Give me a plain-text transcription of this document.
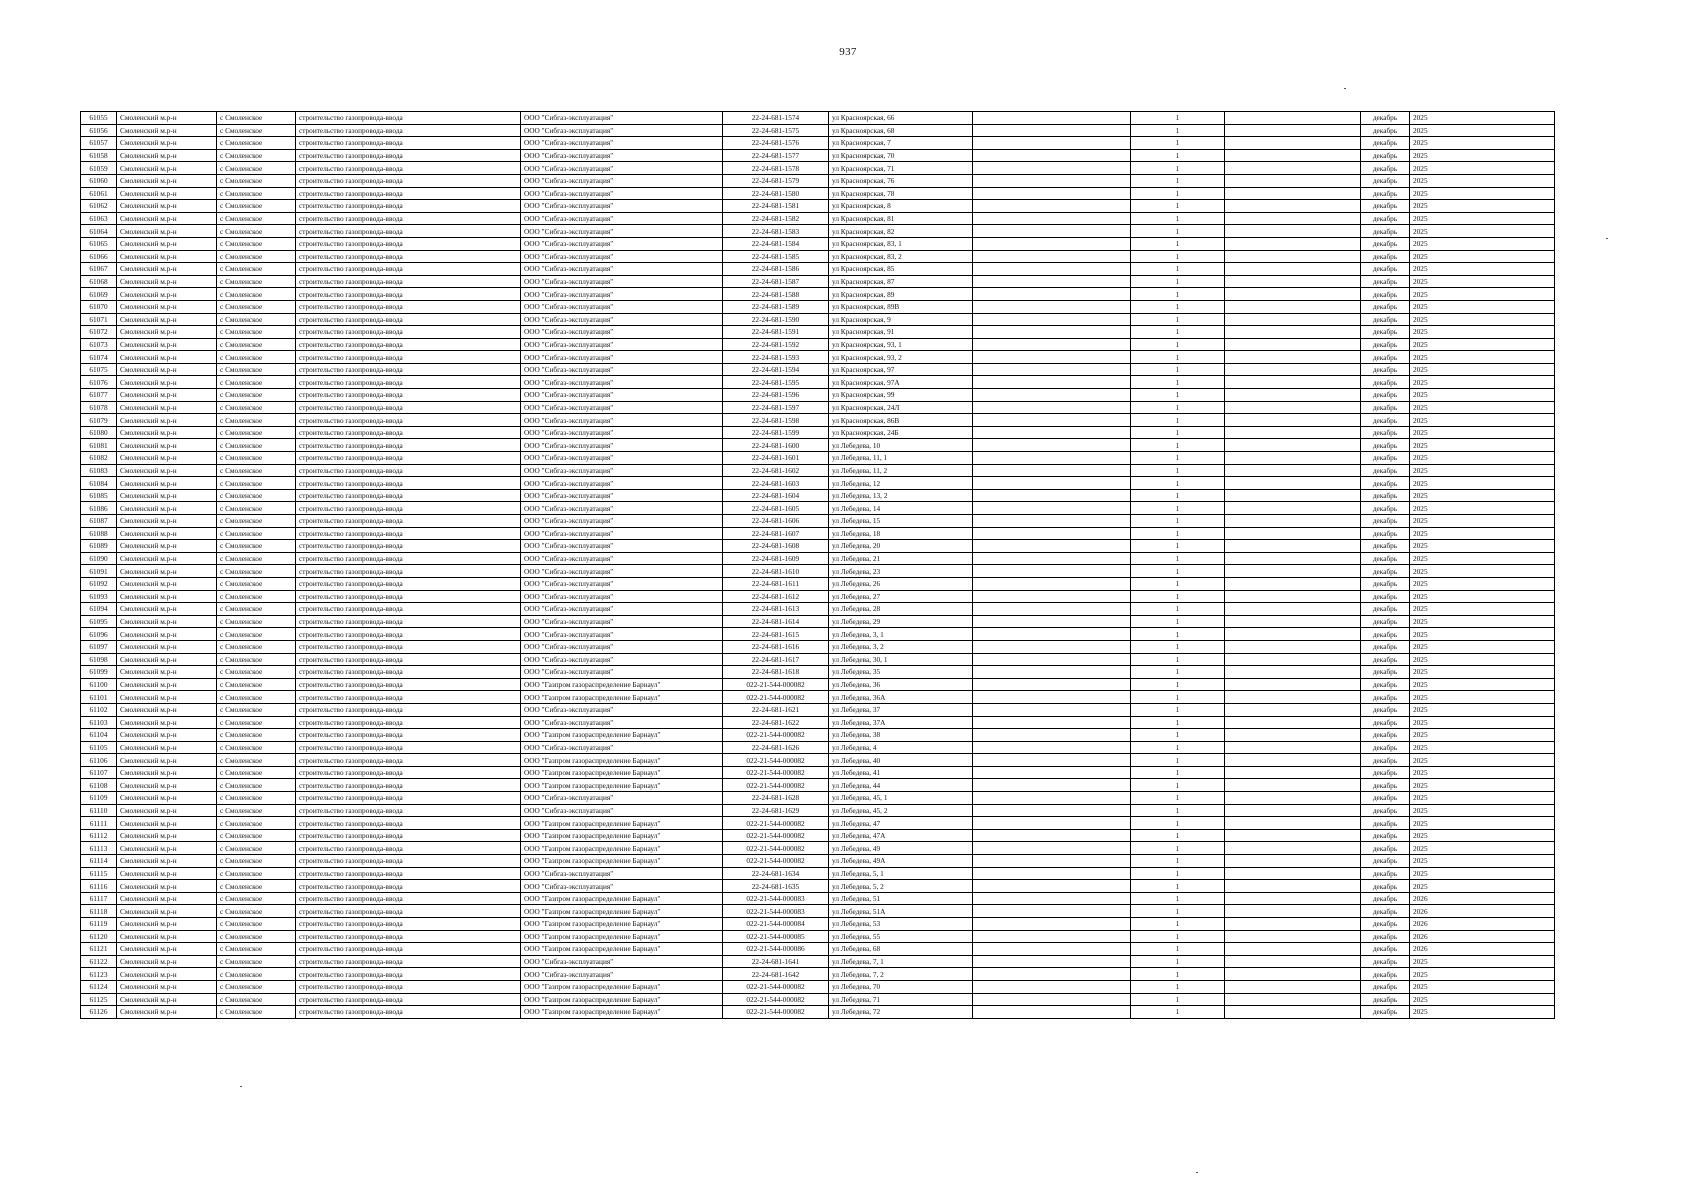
937
61055	Смоленский м.р-н	с Смоленское	строительство газопровода-ввода	ООО "Сибгаз-эксплуатация"	22-24-681-1574	ул Красноярская, 66		1		декабрь	2025
61056	Смоленский м.р-н	с Смоленское	строительство газопровода-ввода	ООО "Сибгаз-эксплуатация"	22-24-681-1575	ул Красноярская, 68		1		декабрь	2025
61057	Смоленский м.р-н	с Смоленское	строительство газопровода-ввода	ООО "Сибгаз-эксплуатация"	22-24-681-1576	ул Красноярская, 7		1		декабрь	2025
61058	Смоленский м.р-н	с Смоленское	строительство газопровода-ввода	ООО "Сибгаз-эксплуатация"	22-24-681-1577	ул Красноярская, 70		1		декабрь	2025
61059	Смоленский м.р-н	с Смоленское	строительство газопровода-ввода	ООО "Сибгаз-эксплуатация"	22-24-681-1578	ул Красноярская, 71		1		декабрь	2025
61060	Смоленский м.р-н	с Смоленское	строительство газопровода-ввода	ООО "Сибгаз-эксплуатация"	22-24-681-1579	ул Красноярская, 76		1		декабрь	2025
61061	Смоленский м.р-н	с Смоленское	строительство газопровода-ввода	ООО "Сибгаз-эксплуатация"	22-24-681-1580	ул Красноярская, 78		1		декабрь	2025
61062	Смоленский м.р-н	с Смоленское	строительство газопровода-ввода	ООО "Сибгаз-эксплуатация"	22-24-681-1581	ул Красноярская, 8		1		декабрь	2025
61063	Смоленский м.р-н	с Смоленское	строительство газопровода-ввода	ООО "Сибгаз-эксплуатация"	22-24-681-1582	ул Красноярская, 81		1		декабрь	2025
61064	Смоленский м.р-н	с Смоленское	строительство газопровода-ввода	ООО "Сибгаз-эксплуатация"	22-24-681-1583	ул Красноярская, 82		1		декабрь	2025
61065	Смоленский м.р-н	с Смоленское	строительство газопровода-ввода	ООО "Сибгаз-эксплуатация"	22-24-681-1584	ул Красноярская, 83, 1		1		декабрь	2025
61066	Смоленский м.р-н	с Смоленское	строительство газопровода-ввода	ООО "Сибгаз-эксплуатация"	22-24-681-1585	ул Красноярская, 83, 2		1		декабрь	2025
61067	Смоленский м.р-н	с Смоленское	строительство газопровода-ввода	ООО "Сибгаз-эксплуатация"	22-24-681-1586	ул Красноярская, 85		1		декабрь	2025
61068	Смоленский м.р-н	с Смоленское	строительство газопровода-ввода	ООО "Сибгаз-эксплуатация"	22-24-681-1587	ул Красноярская, 87		1		декабрь	2025
61069	Смоленский м.р-н	с Смоленское	строительство газопровода-ввода	ООО "Сибгаз-эксплуатация"	22-24-681-1588	ул Красноярская, 89		1		декабрь	2025
61070	Смоленский м.р-н	с Смоленское	строительство газопровода-ввода	ООО "Сибгаз-эксплуатация"	22-24-681-1589	ул Красноярская, 89В		1		декабрь	2025
61071	Смоленский м.р-н	с Смоленское	строительство газопровода-ввода	ООО "Сибгаз-эксплуатация"	22-24-681-1590	ул Красноярская, 9		1		декабрь	2025
61072	Смоленский м.р-н	с Смоленское	строительство газопровода-ввода	ООО "Сибгаз-эксплуатация"	22-24-681-1591	ул Красноярская, 91		1		декабрь	2025
61073	Смоленский м.р-н	с Смоленское	строительство газопровода-ввода	ООО "Сибгаз-эксплуатация"	22-24-681-1592	ул Красноярская, 93, 1		1		декабрь	2025
61074	Смоленский м.р-н	с Смоленское	строительство газопровода-ввода	ООО "Сибгаз-эксплуатация"	22-24-681-1593	ул Красноярская, 93, 2		1		декабрь	2025
61075	Смоленский м.р-н	с Смоленское	строительство газопровода-ввода	ООО "Сибгаз-эксплуатация"	22-24-681-1594	ул Красноярская, 97		1		декабрь	2025
61076	Смоленский м.р-н	с Смоленское	строительство газопровода-ввода	ООО "Сибгаз-эксплуатация"	22-24-681-1595	ул Красноярская, 97А		1		декабрь	2025
61077	Смоленский м.р-н	с Смоленское	строительство газопровода-ввода	ООО "Сибгаз-эксплуатация"	22-24-681-1596	ул Красноярская, 99		1		декабрь	2025
61078	Смоленский м.р-н	с Смоленское	строительство газопровода-ввода	ООО "Сибгаз-эксплуатация"	22-24-681-1597	ул Красноярская, 24Л		1		декабрь	2025
61079	Смоленский м.р-н	с Смоленское	строительство газопровода-ввода	ООО "Сибгаз-эксплуатация"	22-24-681-1598	ул Красноярская, 86В		1		декабрь	2025
61080	Смоленский м.р-н	с Смоленское	строительство газопровода-ввода	ООО "Сибгаз-эксплуатация"	22-24-681-1599	ул Красноярская, 24Б		1		декабрь	2025
61081	Смоленский м.р-н	с Смоленское	строительство газопровода-ввода	ООО "Сибгаз-эксплуатация"	22-24-681-1600	ул Лебедева, 10		1		декабрь	2025
61082	Смоленский м.р-н	с Смоленское	строительство газопровода-ввода	ООО "Сибгаз-эксплуатация"	22-24-681-1601	ул Лебедева, 11, 1		1		декабрь	2025
61083	Смоленский м.р-н	с Смоленское	строительство газопровода-ввода	ООО "Сибгаз-эксплуатация"	22-24-681-1602	ул Лебедева, 11, 2		1		декабрь	2025
61084	Смоленский м.р-н	с Смоленское	строительство газопровода-ввода	ООО "Сибгаз-эксплуатация"	22-24-681-1603	ул Лебедева, 12		1		декабрь	2025
61085	Смоленский м.р-н	с Смоленское	строительство газопровода-ввода	ООО "Сибгаз-эксплуатация"	22-24-681-1604	ул Лебедева, 13, 2		1		декабрь	2025
61086	Смоленский м.р-н	с Смоленское	строительство газопровода-ввода	ООО "Сибгаз-эксплуатация"	22-24-681-1605	ул Лебедева, 14		1		декабрь	2025
61087	Смоленский м.р-н	с Смоленское	строительство газопровода-ввода	ООО "Сибгаз-эксплуатация"	22-24-681-1606	ул Лебедева, 15		1		декабрь	2025
61088	Смоленский м.р-н	с Смоленское	строительство газопровода-ввода	ООО "Сибгаз-эксплуатация"	22-24-681-1607	ул Лебедева, 18		1		декабрь	2025
61089	Смоленский м.р-н	с Смоленское	строительство газопровода-ввода	ООО "Сибгаз-эксплуатация"	22-24-681-1608	ул Лебедева, 20		1		декабрь	2025
61090	Смоленский м.р-н	с Смоленское	строительство газопровода-ввода	ООО "Сибгаз-эксплуатация"	22-24-681-1609	ул Лебедева, 21		1		декабрь	2025
61091	Смоленский м.р-н	с Смоленское	строительство газопровода-ввода	ООО "Сибгаз-эксплуатация"	22-24-681-1610	ул Лебедева, 23		1		декабрь	2025
61092	Смоленский м.р-н	с Смоленское	строительство газопровода-ввода	ООО "Сибгаз-эксплуатация"	22-24-681-1611	ул Лебедева, 26		1		декабрь	2025
61093	Смоленский м.р-н	с Смоленское	строительство газопровода-ввода	ООО "Сибгаз-эксплуатация"	22-24-681-1612	ул Лебедева, 27		1		декабрь	2025
61094	Смоленский м.р-н	с Смоленское	строительство газопровода-ввода	ООО "Сибгаз-эксплуатация"	22-24-681-1613	ул Лебедева, 28		1		декабрь	2025
61095	Смоленский м.р-н	с Смоленское	строительство газопровода-ввода	ООО "Сибгаз-эксплуатация"	22-24-681-1614	ул Лебедева, 29		1		декабрь	2025
61096	Смоленский м.р-н	с Смоленское	строительство газопровода-ввода	ООО "Сибгаз-эксплуатация"	22-24-681-1615	ул Лебедева, 3, 1		1		декабрь	2025
61097	Смоленский м.р-н	с Смоленское	строительство газопровода-ввода	ООО "Сибгаз-эксплуатация"	22-24-681-1616	ул Лебедева, 3, 2		1		декабрь	2025
61098	Смоленский м.р-н	с Смоленское	строительство газопровода-ввода	ООО "Сибгаз-эксплуатация"	22-24-681-1617	ул Лебедева, 30, 1		1		декабрь	2025
61099	Смоленский м.р-н	с Смоленское	строительство газопровода-ввода	ООО "Сибгаз-эксплуатация"	22-24-681-1618	ул Лебедева, 35		1		декабрь	2025
61100	Смоленский м.р-н	с Смоленское	строительство газопровода-ввода	ООО "Газпром газораспределение Барнаул"	022-21-544-000082	ул Лебедева, 36		1		декабрь	2025
61101	Смоленский м.р-н	с Смоленское	строительство газопровода-ввода	ООО "Газпром газораспределение Барнаул"	022-21-544-000082	ул Лебедева, 36А		1		декабрь	2025
61102	Смоленский м.р-н	с Смоленское	строительство газопровода-ввода	ООО "Сибгаз-эксплуатация"	22-24-681-1621	ул Лебедева, 37		1		декабрь	2025
61103	Смоленский м.р-н	с Смоленское	строительство газопровода-ввода	ООО "Сибгаз-эксплуатация"	22-24-681-1622	ул Лебедева, 37А		1		декабрь	2025
61104	Смоленский м.р-н	с Смоленское	строительство газопровода-ввода	ООО "Газпром газораспределение Барнаул"	022-21-544-000082	ул Лебедева, 38		1		декабрь	2025
61105	Смоленский м.р-н	с Смоленское	строительство газопровода-ввода	ООО "Сибгаз-эксплуатация"	22-24-681-1626	ул Лебедева, 4		1		декабрь	2025
61106	Смоленский м.р-н	с Смоленское	строительство газопровода-ввода	ООО "Газпром газораспределение Барнаул"	022-21-544-000082	ул Лебедева, 40		1		декабрь	2025
61107	Смоленский м.р-н	с Смоленское	строительство газопровода-ввода	ООО "Газпром газораспределение Барнаул"	022-21-544-000082	ул Лебедева, 41		1		декабрь	2025
61108	Смоленский м.р-н	с Смоленское	строительство газопровода-ввода	ООО "Газпром газораспределение Барнаул"	022-21-544-000082	ул Лебедева, 44		1		декабрь	2025
61109	Смоленский м.р-н	с Смоленское	строительство газопровода-ввода	ООО "Сибгаз-эксплуатация"	22-24-681-1628	ул Лебедева, 45, 1		1		декабрь	2025
61110	Смоленский м.р-н	с Смоленское	строительство газопровода-ввода	ООО "Сибгаз-эксплуатация"	22-24-681-1629	ул Лебедева, 45, 2		1		декабрь	2025
61111	Смоленский м.р-н	с Смоленское	строительство газопровода-ввода	ООО "Газпром газораспределение Барнаул"	022-21-544-000082	ул Лебедева, 47		1		декабрь	2025
61112	Смоленский м.р-н	с Смоленское	строительство газопровода-ввода	ООО "Газпром газораспределение Барнаул"	022-21-544-000082	ул Лебедева, 47А		1		декабрь	2025
61113	Смоленский м.р-н	с Смоленское	строительство газопровода-ввода	ООО "Газпром газораспределение Барнаул"	022-21-544-000082	ул Лебедева, 49		1		декабрь	2025
61114	Смоленский м.р-н	с Смоленское	строительство газопровода-ввода	ООО "Газпром газораспределение Барнаул"	022-21-544-000082	ул Лебедева, 49А		1		декабрь	2025
61115	Смоленский м.р-н	с Смоленское	строительство газопровода-ввода	ООО "Сибгаз-эксплуатация"	22-24-681-1634	ул Лебедева, 5, 1		1		декабрь	2025
61116	Смоленский м.р-н	с Смоленское	строительство газопровода-ввода	ООО "Сибгаз-эксплуатация"	22-24-681-1635	ул Лебедева, 5, 2		1		декабрь	2025
61117	Смоленский м.р-н	с Смоленское	строительство газопровода-ввода	ООО "Газпром газораспределение Барнаул"	022-21-544-000083	ул Лебедева, 51		1		декабрь	2026
61118	Смоленский м.р-н	с Смоленское	строительство газопровода-ввода	ООО "Газпром газораспределение Барнаул"	022-21-544-000083	ул Лебедева, 51А		1		декабрь	2026
61119	Смоленский м.р-н	с Смоленское	строительство газопровода-ввода	ООО "Газпром газораспределение Барнаул"	022-21-544-000084	ул Лебедева, 53		1		декабрь	2026
61120	Смоленский м.р-н	с Смоленское	строительство газопровода-ввода	ООО "Газпром газораспределение Барнаул"	022-21-544-000085	ул Лебедева, 55		1		декабрь	2026
61121	Смоленский м.р-н	с Смоленское	строительство газопровода-ввода	ООО "Газпром газораспределение Барнаул"	022-21-544-000086	ул Лебедева, 68		1		декабрь	2026
61122	Смоленский м.р-н	с Смоленское	строительство газопровода-ввода	ООО "Сибгаз-эксплуатация"	22-24-681-1641	ул Лебедева, 7, 1		1		декабрь	2025
61123	Смоленский м.р-н	с Смоленское	строительство газопровода-ввода	ООО "Сибгаз-эксплуатация"	22-24-681-1642	ул Лебедева, 7, 2		1		декабрь	2025
61124	Смоленский м.р-н	с Смоленское	строительство газопровода-ввода	ООО "Газпром газораспределение Барнаул"	022-21-544-000082	ул Лебедева, 70		1		декабрь	2025
61125	Смоленский м.р-н	с Смоленское	строительство газопровода-ввода	ООО "Газпром газораспределение Барнаул"	022-21-544-000082	ул Лебедева, 71		1		декабрь	2025
61126	Смоленский м.р-н	с Смоленское	строительство газопровода-ввода	ООО "Газпром газораспределение Барнаул"	022-21-544-000082	ул Лебедева, 72		1		декабрь	2025
